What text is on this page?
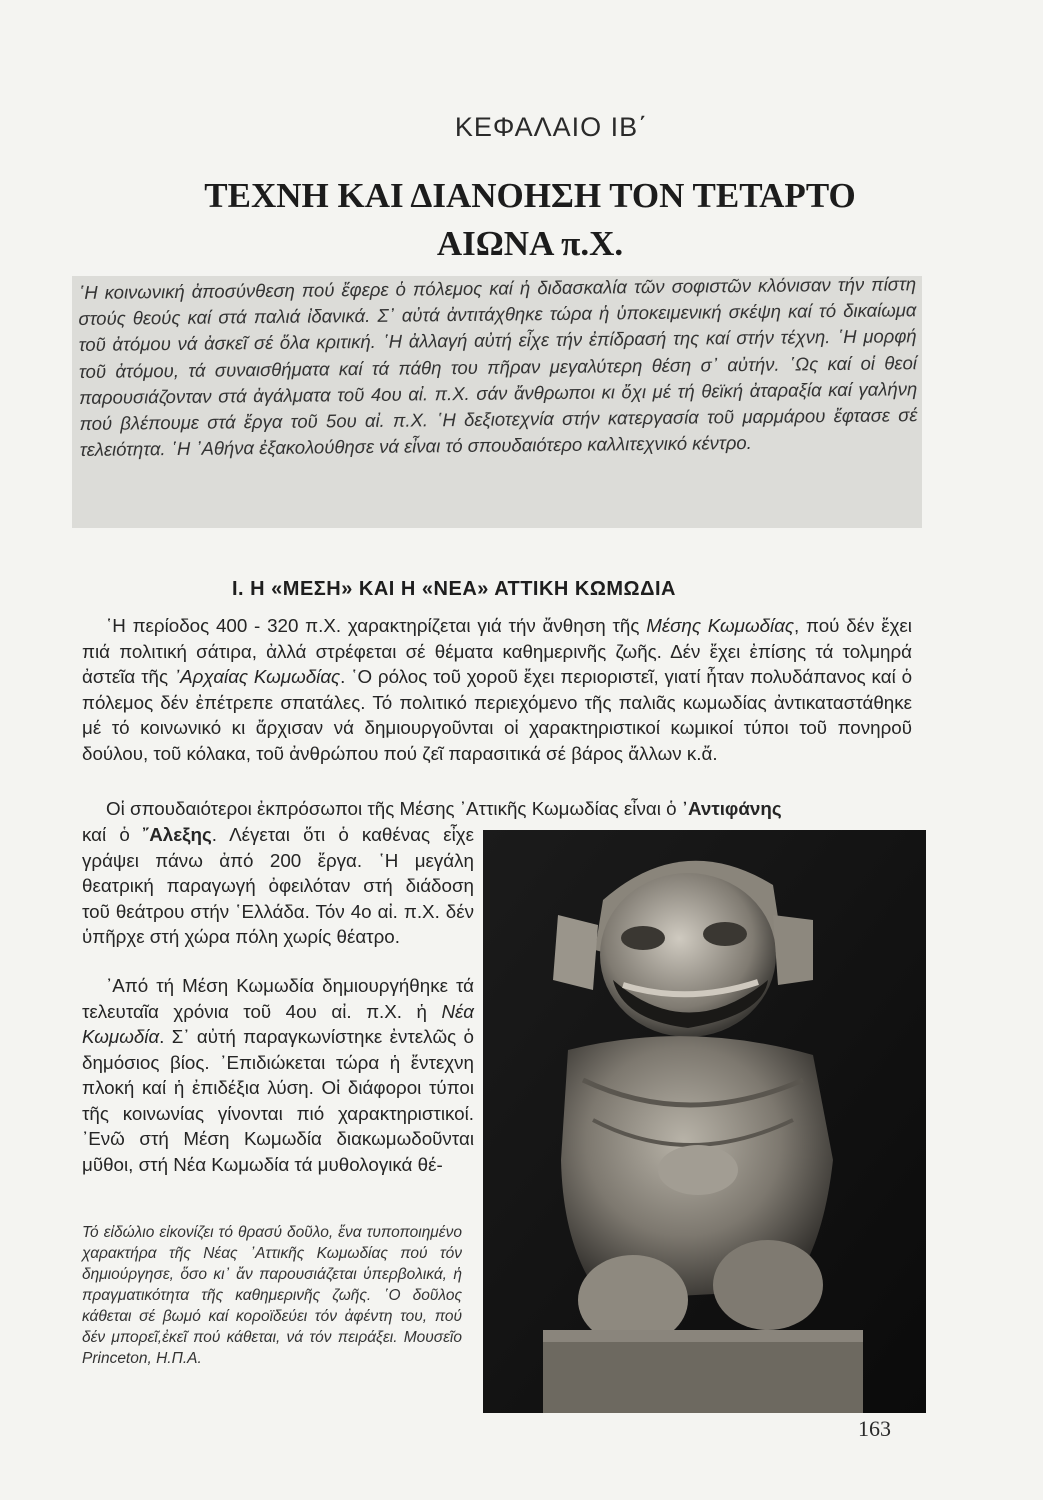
ΚΕΦΑΛΑΙΟ ΙΒ΄
ΤΕΧΝΗ ΚΑΙ ΔΙΑΝΟΗΣΗ ΤΟΝ ΤΕΤΑΡΤΟ
ΑΙΩΝΑ π.Χ.

῾Η κοινωνική ἀποσύνθεση πού ἔφερε ὁ πόλεμος καί ἡ διδασκαλία τῶν σοφιστῶν κλόνισαν τήν πίστη στούς θεούς καί στά παλιά ἰδανικά. Σ᾽ αὐτά ἀντιτάχθηκε τώρα ἡ ὑποκειμενική σκέψη καί τό δικαίωμα τοῦ ἀτόμου νά ἀσκεῖ σέ ὅλα κριτική. ῾Η ἀλλαγή αὐτή εἶχε τήν ἐπίδρασή της καί στήν τέχνη. ῾Η μορφή τοῦ ἀτόμου, τά συναισθήματα καί τά πάθη του πῆραν μεγαλύτερη θέση σ᾽ αὐτήν. ῾Ως καί οἱ θεοί παρουσιάζονταν στά ἀγάλματα τοῦ 4ου αἰ. π.Χ. σάν ἄνθρωποι κι ὄχι μέ τή θεϊκή ἀταραξία καί γαλήνη πού βλέπουμε στά ἔργα τοῦ 5ου αἰ. π.Χ. ῾Η δεξιοτεχνία στήν κατεργασία τοῦ μαρμάρου ἔφτασε σέ τελειότητα. ῾Η ᾽Αθήνα ἐξακολούθησε νά εἶναι τό σπουδαιότερο καλλιτεχνικό κέντρο.

Ι. Η «ΜΕΣΗ» ΚΑΙ Η «ΝΕΑ» ΑΤΤΙΚΗ ΚΩΜΩΔΙΑ

῾Η περίοδος 400 - 320 π.Χ. χαρακτηρίζεται γιά τήν ἄνθηση τῆς Μέσης Κωμωδίας, πού δέν ἔχει πιά πολιτική σάτιρα, ἀλλά στρέφεται σέ θέματα καθημερινῆς ζωῆς. Δέν ἔχει ἐπίσης τά τολμηρά ἀστεῖα τῆς ᾽Αρχαίας Κωμωδίας. ῾Ο ρόλος τοῦ χοροῦ ἔχει περιοριστεῖ, γιατί ἦταν πολυδάπανος καί ὁ πόλεμος δέν ἐπέτρεπε σπατάλες. Τό πολιτικό περιεχόμενο τῆς παλιᾶς κωμωδίας ἀντικαταστάθηκε μέ τό κοινωνικό κι ἄρχισαν νά δημιουργοῦνται οἱ χαρακτηριστικοί κωμικοί τύποι τοῦ πονηροῦ δούλου, τοῦ κόλακα, τοῦ ἀνθρώπου πού ζεῖ παρασιτικά σέ βάρος ἄλλων κ.ἄ.

Οἱ σπουδαιότεροι ἐκπρόσωποι τῆς Μέσης ᾽Αττικῆς Κωμωδίας εἶναι ὁ ᾽Αντιφάνης

καί ὁ ῎Αλεξης. Λέγεται ὅτι ὁ καθένας εἶχε γράψει πάνω ἀπό 200 ἔργα. ῾Η μεγάλη θεατρική παραγωγή ὀφειλόταν στή διάδοση τοῦ θεάτρου στήν ῾Ελλάδα. Τόν 4ο αἰ. π.Χ. δέν ὑπῆρχε στή χώρα πόλη χωρίς θέατρο.

᾽Από τή Μέση Κωμωδία δημιουργήθηκε τά τελευταῖα χρόνια τοῦ 4ου αἰ. π.Χ. ἡ Νέα Κωμωδία. Σ᾽ αὐτή παραγκωνίστηκε ἐντελῶς ὁ δημόσιος βίος. ᾽Επιδιώκεται τώρα ἡ ἔντεχνη πλοκή καί ἡ ἐπιδέξια λύση. Οἱ διάφοροι τύποι τῆς κοινωνίας γίνονται πιό χαρακτηριστικοί. ᾽Ενῶ στή Μέση Κωμωδία διακωμωδοῦνται μῦθοι, στή Νέα Κωμωδία τά μυθολογικά θέ-

Τό εἰδώλιο εἰκονίζει τό θρασύ δοῦλο, ἕνα τυποποιημένο χαρακτήρα τῆς Νέας ᾽Αττικῆς Κωμωδίας πού τόν δημιούργησε, ὅσο κι᾽ ἄν παρουσιάζεται ὑπερβολικά, ἡ πραγματικότητα τῆς καθημερινῆς ζωῆς. ῾Ο δοῦλος κάθεται σέ βωμό καί κοροϊδεύει τόν ἀφέντη του, πού δέν μπορεῖ,ἐκεῖ πού κάθεται, νά τόν πειράξει. Μουσεῖο Princeton, Η.Π.Α.

163
